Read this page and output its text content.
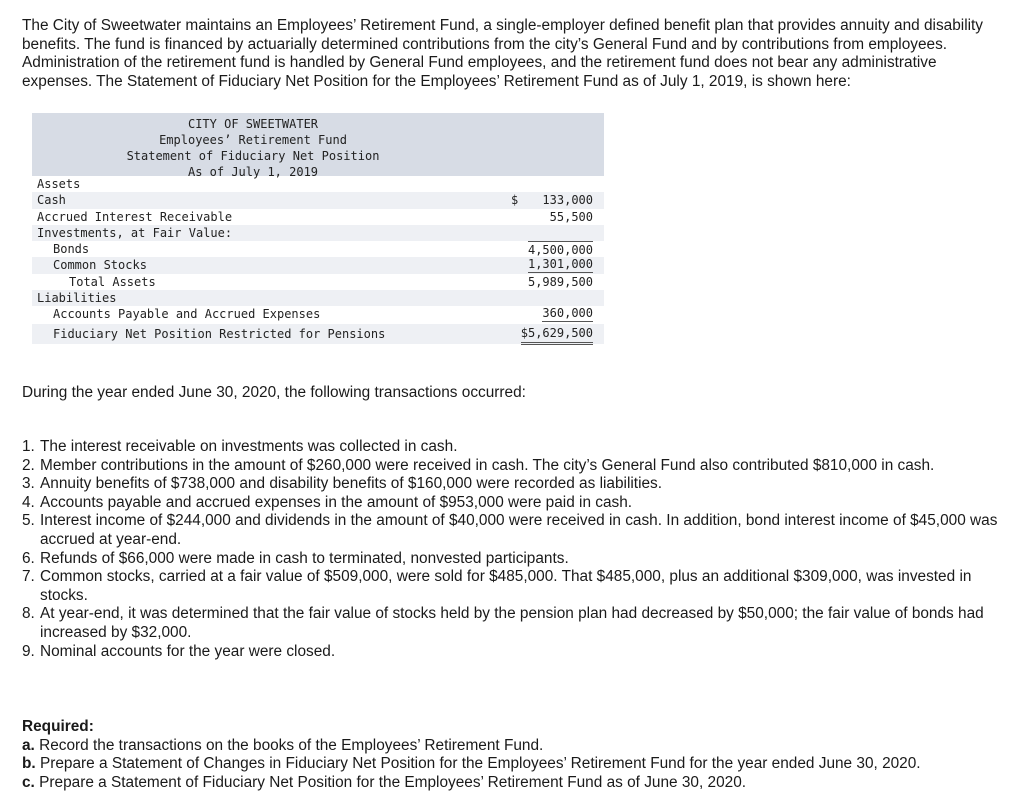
The City of Sweetwater maintains an Employees’ Retirement Fund, a single-employer defined benefit plan that provides annuity and disability benefits. The fund is financed by actuarially determined contributions from the city’s General Fund and by contributions from employees. Administration of the retirement fund is handled by General Fund employees, and the retirement fund does not bear any administrative expenses. The Statement of Fiduciary Net Position for the Employees’ Retirement Fund as of July 1, 2019, is shown here:

CITY OF SWEETWATER
Employees’ Retirement Fund
Statement of Fiduciary Net Position
As of July 1, 2019
Assets
Cash	$ 133,000
Accrued Interest Receivable	55,500
Investments, at Fair Value:
Bonds	4,500,000
Common Stocks	1,301,000
Total Assets	5,989,500
Liabilities
Accounts Payable and Accrued Expenses	360,000
Fiduciary Net Position Restricted for Pensions	$5,629,500

During the year ended June 30, 2020, the following transactions occurred:

1. The interest receivable on investments was collected in cash.
2. Member contributions in the amount of $260,000 were received in cash. The city’s General Fund also contributed $810,000 in cash.
3. Annuity benefits of $738,000 and disability benefits of $160,000 were recorded as liabilities.
4. Accounts payable and accrued expenses in the amount of $953,000 were paid in cash.
5. Interest income of $244,000 and dividends in the amount of $40,000 were received in cash. In addition, bond interest income of $45,000 was accrued at year-end.
6. Refunds of $66,000 were made in cash to terminated, nonvested participants.
7. Common stocks, carried at a fair value of $509,000, were sold for $485,000. That $485,000, plus an additional $309,000, was invested in stocks.
8. At year-end, it was determined that the fair value of stocks held by the pension plan had decreased by $50,000; the fair value of bonds had increased by $32,000.
9. Nominal accounts for the year were closed.
Required:
a. Record the transactions on the books of the Employees’ Retirement Fund.
b. Prepare a Statement of Changes in Fiduciary Net Position for the Employees’ Retirement Fund for the year ended June 30, 2020.
c. Prepare a Statement of Fiduciary Net Position for the Employees’ Retirement Fund as of June 30, 2020.
